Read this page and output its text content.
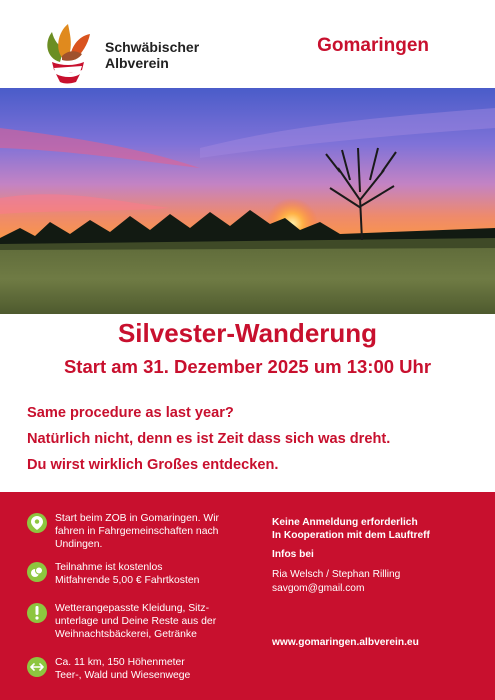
Schwäbischer
Albverein
Gomaringen
Silvester-Wanderung
Start am 31. Dezember 2025 um 13:00 Uhr
Same procedure as last year?
Natürlich nicht, denn es ist Zeit dass sich was dreht.
Du wirst wirklich Großes entdecken.
Start beim ZOB in Gomaringen. Wir
fahren in Fahrgemeinschaften nach
Undingen.
Teilnahme ist kostenlos
Mitfahrende 5,00 € Fahrtkosten
Wetterangepasste Kleidung, Sitz-
unterlage und Deine Reste aus der
Weihnachtsbäckerei, Getränke
Ca. 11 km, 150 Höhenmeter
Teer-, Wald und Wiesenwege
Keine Anmeldung erforderlich
In Kooperation mit dem Lauftreff
Infos bei
Ria Welsch / Stephan Rilling
savgom@gmail.com
www.gomaringen.albverein.eu
